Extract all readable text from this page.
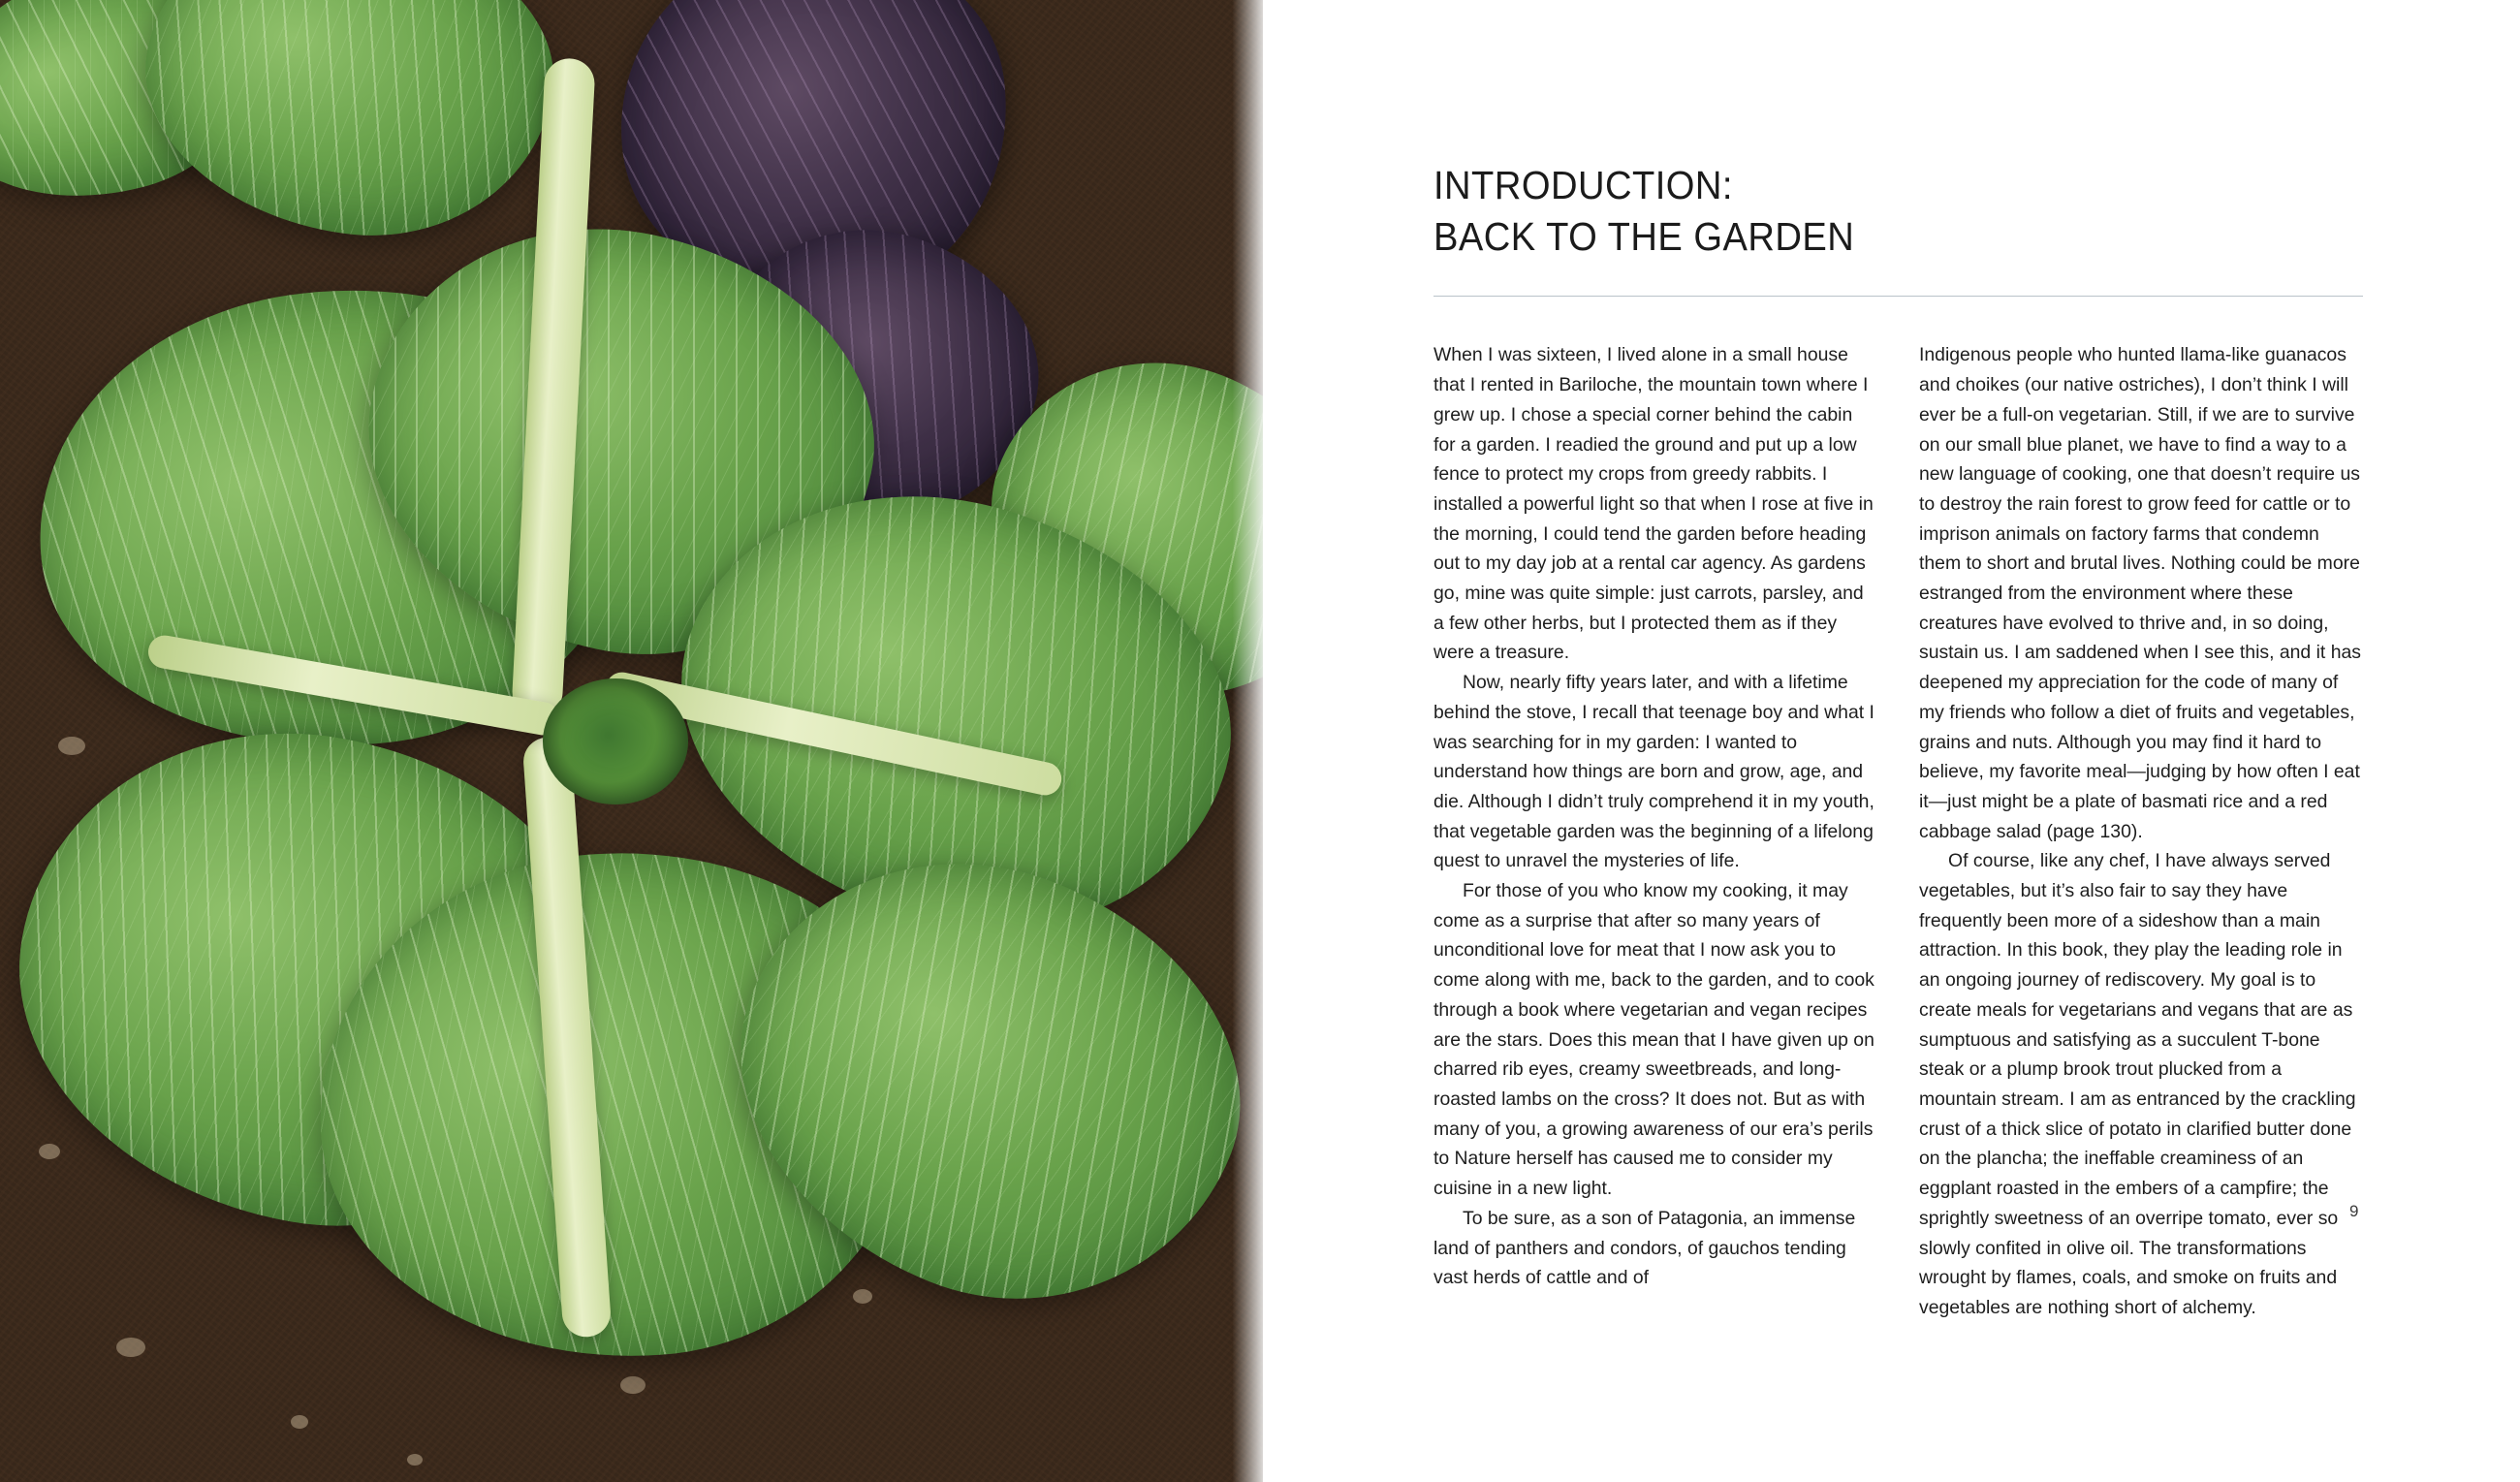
INTRODUCTION:
BACK TO THE GARDEN

When I was sixteen, I lived alone in a small house that I rented in Bariloche, the mountain town where I grew up. I chose a special corner behind the cabin for a garden. I readied the ground and put up a low fence to protect my crops from greedy rabbits. I installed a powerful light so that when I rose at five in the morning, I could tend the garden before heading out to my day job at a rental car agency. As gardens go, mine was quite simple: just carrots, parsley, and a few other herbs, but I protected them as if they were a treasure.

Now, nearly fifty years later, and with a lifetime behind the stove, I recall that teenage boy and what I was searching for in my garden: I wanted to understand how things are born and grow, age, and die. Although I didn’t truly comprehend it in my youth, that vegetable garden was the beginning of a lifelong quest to unravel the mysteries of life.

For those of you who know my cooking, it may come as a surprise that after so many years of unconditional love for meat that I now ask you to come along with me, back to the garden, and to cook through a book where vegetarian and vegan recipes are the stars. Does this mean that I have given up on charred rib eyes, creamy sweetbreads, and long-roasted lambs on the cross? It does not. But as with many of you, a growing awareness of our era’s perils to Nature herself has caused me to consider my cuisine in a new light.

To be sure, as a son of Patagonia, an immense land of panthers and condors, of gauchos tending vast herds of cattle and of

Indigenous people who hunted llama-like guanacos and choikes (our native ostriches), I don’t think I will ever be a full-on vegetarian. Still, if we are to survive on our small blue planet, we have to find a way to a new language of cooking, one that doesn’t require us to destroy the rain forest to grow feed for cattle or to imprison animals on factory farms that condemn them to short and brutal lives. Nothing could be more estranged from the environment where these creatures have evolved to thrive and, in so doing, sustain us. I am saddened when I see this, and it has deepened my appreciation for the code of many of my friends who follow a diet of fruits and vegetables, grains and nuts. Although you may find it hard to believe, my favorite meal—judging by how often I eat it—just might be a plate of basmati rice and a red cabbage salad (page 130).

Of course, like any chef, I have always served vegetables, but it’s also fair to say they have frequently been more of a sideshow than a main attraction. In this book, they play the leading role in an ongoing journey of rediscovery. My goal is to create meals for vegetarians and vegans that are as sumptuous and satisfying as a succulent T-bone steak or a plump brook trout plucked from a mountain stream. I am as entranced by the crackling crust of a thick slice of potato in clarified butter done on the plancha; the ineffable creaminess of an eggplant roasted in the embers of a campfire; the sprightly sweetness of an overripe tomato, ever so slowly confited in olive oil. The transformations wrought by flames, coals, and smoke on fruits and vegetables are nothing short of alchemy.

9
